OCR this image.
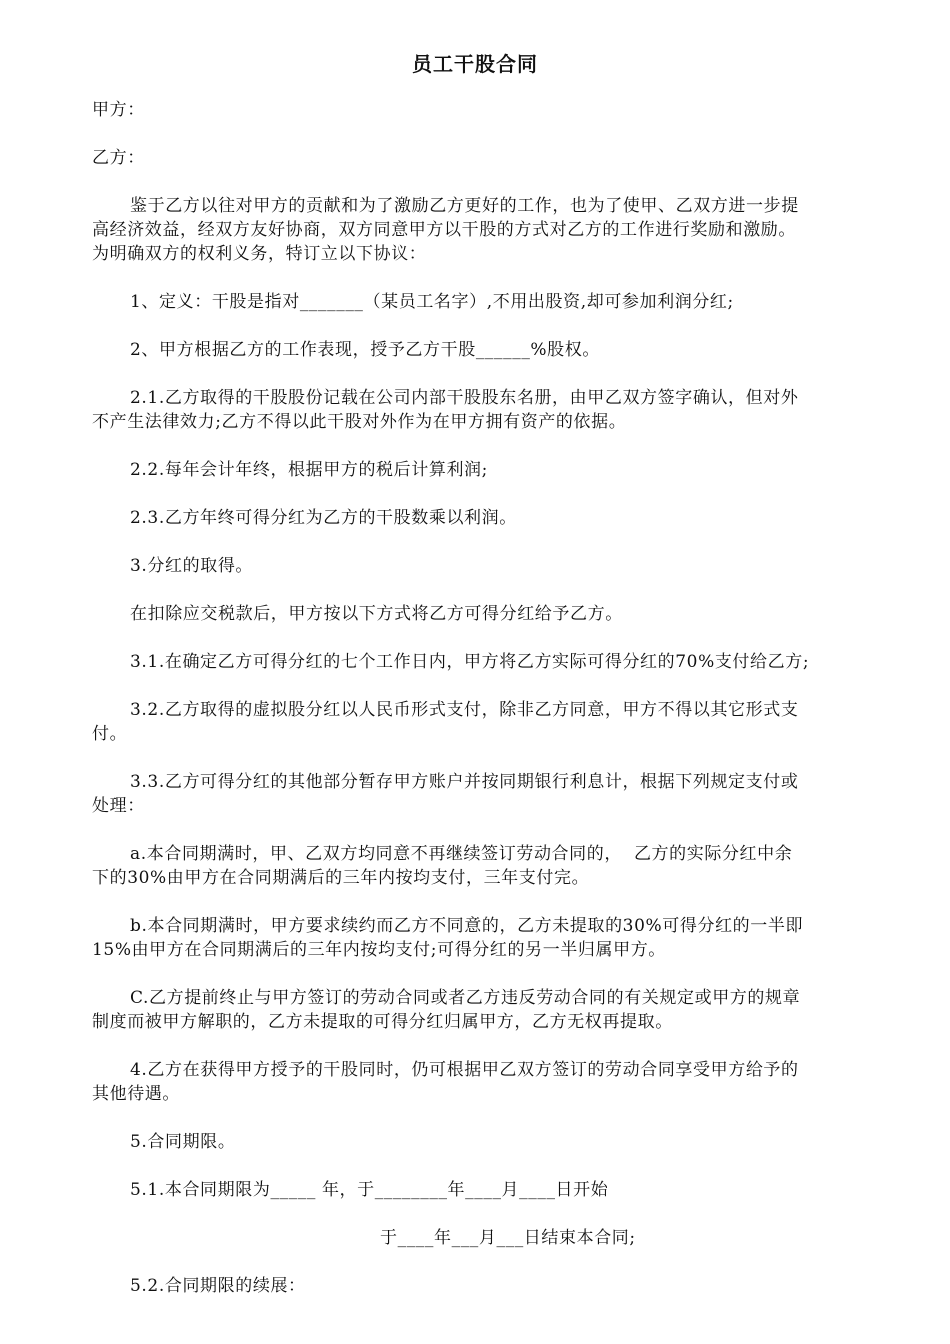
员工干股合同
甲方：
乙方：
鉴于乙方以往对甲方的贡献和为了激励乙方更好的工作，也为了使甲、乙双方进一步提
高经济效益，经双方友好协商，双方同意甲方以干股的方式对乙方的工作进行奖励和激励。
为明确双方的权利义务，特订立以下协议：
1、定义：干股是指对_______（某员工名字）,不用出股资,却可参加利润分红;
2、甲方根据乙方的工作表现，授予乙方干股______%股权。
2.1.乙方取得的干股股份记载在公司内部干股股东名册，由甲乙双方签字确认，但对外
不产生法律效力;乙方不得以此干股对外作为在甲方拥有资产的依据。
2.2.每年会计年终，根据甲方的税后计算利润;
2.3.乙方年终可得分红为乙方的干股数乘以利润。
3.分红的取得。
在扣除应交税款后，甲方按以下方式将乙方可得分红给予乙方。
3.1.在确定乙方可得分红的七个工作日内，甲方将乙方实际可得分红的70%支付给乙方;
3.2.乙方取得的虚拟股分红以人民币形式支付，除非乙方同意，甲方不得以其它形式支
付。
3.3.乙方可得分红的其他部分暂存甲方账户并按同期银行利息计，根据下列规定支付或
处理：
a.本合同期满时，甲、乙双方均同意不再继续签订劳动合同的，  乙方的实际分红中余
下的30%由甲方在合同期满后的三年内按均支付，三年支付完。
b.本合同期满时，甲方要求续约而乙方不同意的，乙方未提取的30%可得分红的一半即
15%由甲方在合同期满后的三年内按均支付;可得分红的另一半归属甲方。
C.乙方提前终止与甲方签订的劳动合同或者乙方违反劳动合同的有关规定或甲方的规章
制度而被甲方解职的，乙方未提取的可得分红归属甲方，乙方无权再提取。
4.乙方在获得甲方授予的干股同时，仍可根据甲乙双方签订的劳动合同享受甲方给予的
其他待遇。
5.合同期限。
5.1.本合同期限为_____ 年，于________年____月____日开始
于____年___月___日结束本合同;
5.2.合同期限的续展：
